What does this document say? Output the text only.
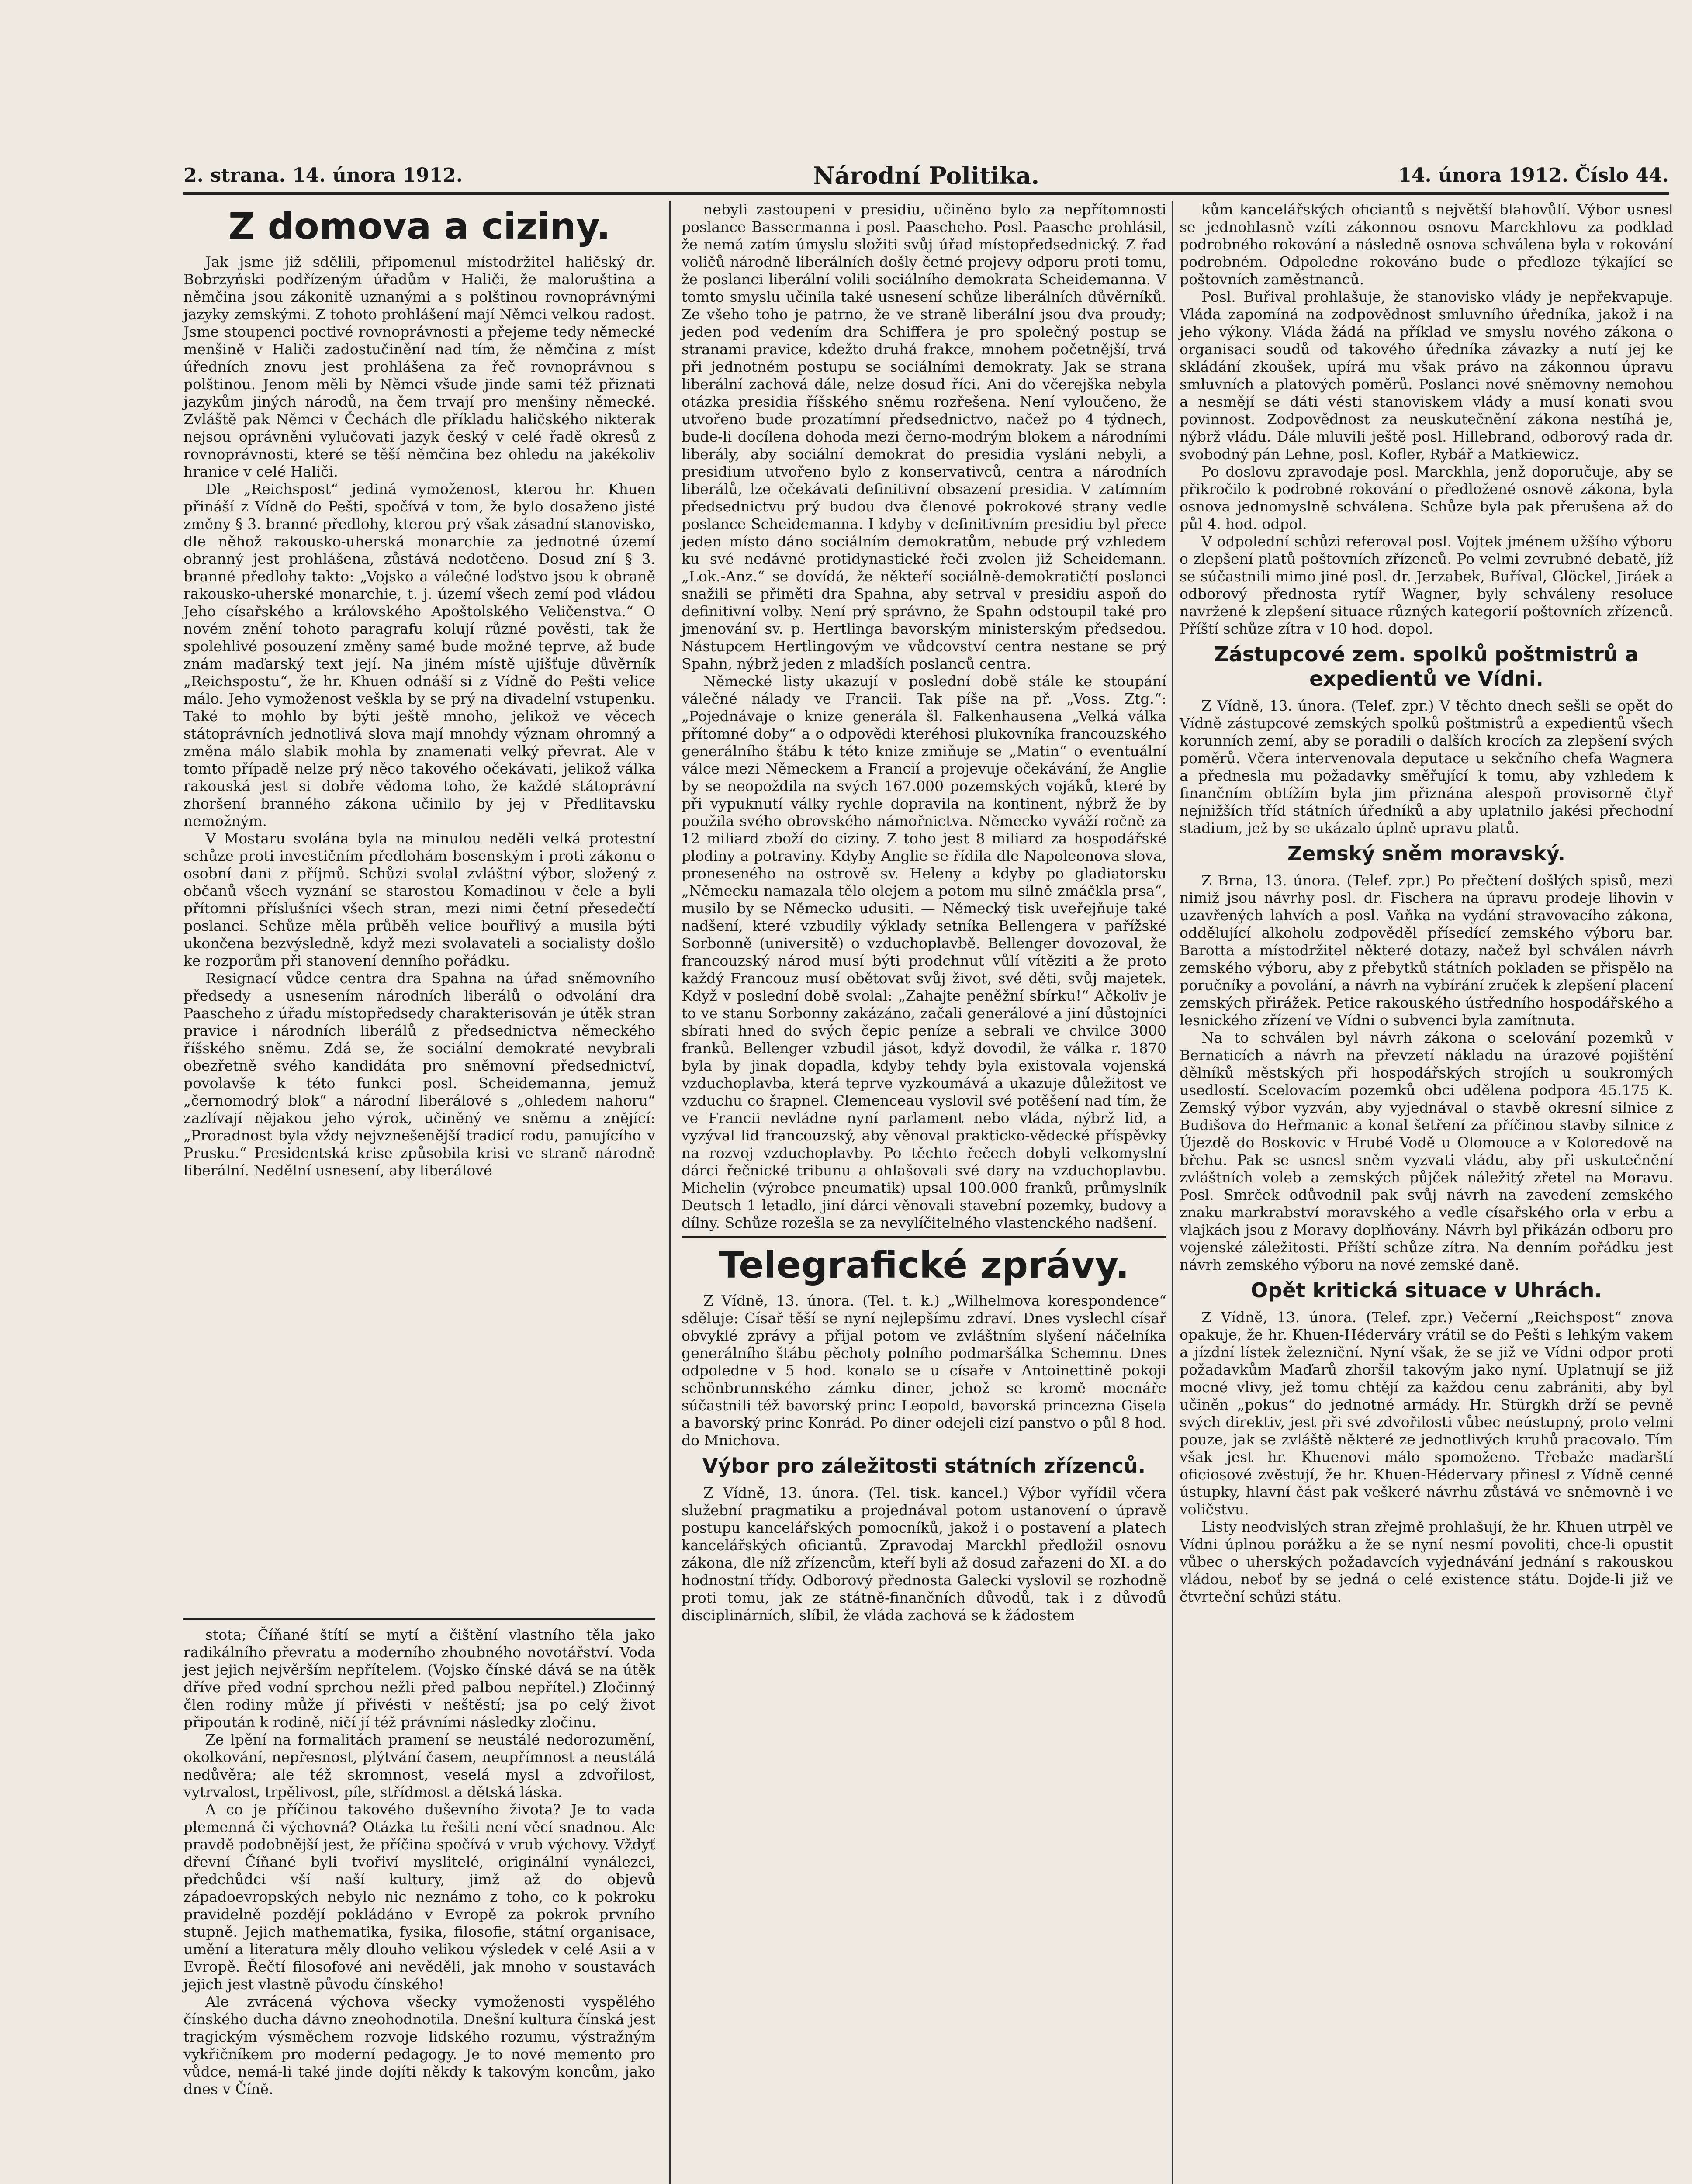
2. strana. 14. února 1912.	Národní Politika.	14. února 1912. Číslo 44.
Z domova a ciziny.

Jak jsme již sdělili, připomenul místodržitel haličský dr. Bobrzyński podřízeným úřadům v Haliči, že maloruština a němčina jsou zákonitě uznanými a s polštinou rovnoprávnými jazyky zemskými. Z tohoto prohlášení mají Němci velkou radost. Jsme stoupenci poctivé rovnoprávnosti a přejeme tedy německé menšině v Haliči zadostučinění nad tím, že němčina z míst úředních znovu jest prohlášena za řeč rovnoprávnou s polštinou. Jenom měli by Němci všude jinde sami též přiznati jazykům jiných národů, na čem trvají pro menšiny německé. Zvláště pak Němci v Čechách dle příkladu haličského nikterak nejsou oprávněni vylučovati jazyk český v celé řadě okresů z rovnoprávnosti, které se těší němčina bez ohledu na jakékoliv hranice v celé Haliči.

Dle „Reichspost“ jediná vymoženost, kterou hr. Khuen přináší z Vídně do Pešti, spočívá v tom, že bylo dosaženo jisté změny § 3. branné předlohy, kterou prý však zásadní stanovisko, dle něhož rakousko-uherská monarchie za jednotné území obranný jest prohlášena, zůstává nedotčeno. Dosud zní § 3. branné předlohy takto: „Vojsko a válečné loďstvo jsou k obraně rakousko-uherské monarchie, t. j. území všech zemí pod vládou Jeho císařského a královského Apoštolského Veličenstva.“ O novém znění tohoto paragrafu kolují různé pověsti, tak že spolehlivé posouzení změny samé bude možné teprve, až bude znám maďarský text její. Na jiném místě ujišťuje důvěrník „Reichspostu“, že hr. Khuen odnáší si z Vídně do Pešti velice málo. Jeho vymoženost veškla by se prý na divadelní vstupenku. Také to mohlo by býti ještě mnoho, jelikož ve věcech státoprávních jednotlivá slova mají mnohdy význam ohromný a změna málo slabik mohla by znamenati velký převrat. Ale v tomto případě nelze prý něco takového očekávati, jelikož válka rakouská jest si dobře vědoma toho, že každé státoprávní zhoršení branného zákona učinilo by jej v Předlitavsku nemožným.

V Mostaru svolána byla na minulou neděli velká protestní schůze proti investičním předlohám bosenským i proti zákonu o osobní dani z příjmů. Schůzi svolal zvláštní výbor, složený z občanů všech vyznání se starostou Komadinou v čele a byli přítomni příslušníci všech stran, mezi nimi četní přesedečtí poslanci. Schůze měla průběh velice bouřlivý a musila býti ukončena bezvýsledně, když mezi svolavateli a socialisty došlo ke rozporům při stanovení denního pořádku.

Resignací vůdce centra dra Spahna na úřad sněmovního předsedy a usnesením národních liberálů o odvolání dra Paascheho z úřadu místopředsedy charakterisován je útěk stran pravice i národních liberálů z předsednictva německého říšského sněmu. Zdá se, že sociální demokraté nevybrali obezřetně svého kandidáta pro sněmovní předsednictví, povolavše k této funkci posl. Scheidemanna, jemuž „černomodrý blok“ a národní liberálové s „ohledem nahoru“ zazlívají nějakou jeho výrok, učiněný ve sněmu a znějící: „Proradnost byla vždy nejvznešenější tradicí rodu, panujícího v Prusku.“ Presidentská krise způsobila krisi ve straně národně liberální. Nedělní usnesení, aby liberálové

stota; Číňané štítí se mytí a čištění vlastního těla jako radikálního převratu a moderního zhoubného novotářství. Voda jest jejich nejvěrším nepřítelem. (Vojsko čínské dává se na útěk dříve před vodní sprchou nežli před palbou nepřítel.) Zločinný člen rodiny může jí přivésti v neštěstí; jsa po celý život připoután k rodině, ničí jí též právními následky zločinu.

Ze lpění na formalitách pramení se neustálé nedorozumění, okolkování, nepřesnost, plýtvání časem, neupřímnost a neustálá nedůvěra; ale též skromnost, veselá mysl a zdvořilost, vytrvalost, trpělivost, píle, střídmost a dětská láska.

A co je příčinou takového duševního života? Je to vada plemenná či výchovná? Otázka tu řešiti není věcí snadnou. Ale pravdě podobnější jest, že příčina spočívá v vrub výchovy. Vždyť dřevní Číňané byli tvořiví myslitelé, originální vynálezci, předchůdci vší naší kultury, jimž až do objevů západoevropských nebylo nic neznámo z toho, co k pokroku pravidelně pozdějí pokládáno v Evropě za pokrok prvního stupně. Jejich mathematika, fysika, filosofie, státní organisace, umění a literatura měly dlouho velikou výsledek v celé Asii a v Evropě. Řečtí filosofové ani nevěděli, jak mnoho v soustavách jejich jest vlastně původu čínského!

Ale zvrácená výchova všecky vymoženosti vyspělého čínského ducha dávno zneohodnotila. Dnešní kultura čínská jest tragickým výsměchem rozvoje lidského rozumu, výstražným vykřičníkem pro moderní pedagogy. Je to nové memento pro vůdce, nemá-li také jinde dojíti někdy k takovým koncům, jako dnes v Číně.

nebyli zastoupeni v presidiu, učiněno bylo za nepřítomnosti poslance Bassermanna i posl. Paascheho. Posl. Paasche prohlásil, že nemá zatím úmyslu složiti svůj úřad místopředsednický. Z řad voličů národně liberálních došly četné projevy odporu proti tomu, že poslanci liberální volili sociálního demokrata Scheidemanna. V tomto smyslu učinila také usnesení schůze liberálních důvěrníků. Ze všeho toho je patrno, že ve straně liberální jsou dva proudy; jeden pod vedením dra Schiffera je pro společný postup se stranami pravice, kdežto druhá frakce, mnohem početnější, trvá při jednotném postupu se sociálními demokraty. Jak se strana liberální zachová dále, nelze dosud říci. Ani do včerejška nebyla otázka presidia říšského sněmu rozřešena. Není vyloučeno, že utvořeno bude prozatímní předsednictvo, načež po 4 týdnech, bude-li docílena dohoda mezi černo-modrým blokem a národními liberály, aby sociální demokrat do presidia vysláni nebyli, a presidium utvořeno bylo z konservativců, centra a národních liberálů, lze očekávati definitivní obsazení presidia. V zatímním předsednictvu prý budou dva členové pokrokové strany vedle poslance Scheidemanna. I kdyby v definitivním presidiu byl přece jeden místo dáno sociálním demokratům, nebude prý vzhledem ku své nedávné protidynastické řeči zvolen již Scheidemann. „Lok.-Anz.“ se dovídá, že někteří sociálně-demokratičtí poslanci snažili se přiměti dra Spahna, aby setrval v presidiu aspoň do definitivní volby. Není prý správno, že Spahn odstoupil také pro jmenování sv. p. Hertlinga bavorským ministerským předsedou. Nástupcem Hertlingovým ve vůdcovství centra nestane se prý Spahn, nýbrž jeden z mladších poslanců centra.

Německé listy ukazují v poslední době stále ke stoupání válečné nálady ve Francii. Tak píše na př. „Voss. Ztg.“: „Pojednávaje o knize generála šl. Falkenhausena „Velká válka přítomné doby“ a o odpovědi kteréhosi plukovníka francouzského generálního štábu k této knize zmiňuje se „Matin“ o eventuální válce mezi Německem a Francií a projevuje očekávání, že Anglie by se neopoždila na svých 167.000 pozemských vojáků, které by při vypuknutí války rychle dopravila na kontinent, nýbrž že by použila svého obrovského námořnictva. Německo vyváží ročně za 12 miliard zboží do ciziny. Z toho jest 8 miliard za hospodářské plodiny a potraviny. Kdyby Anglie se řídila dle Napoleonova slova, proneseného na ostrově sv. Heleny a kdyby po gladiatorsku „Německu namazala tělo olejem a potom mu silně zmáčkla prsa“, musilo by se Německo udusiti. — Německý tisk uveřejňuje také nadšení, které vzbudily výklady setníka Bellengera v pařížské Sorbonně (universitě) o vzduchoplavbě. Bellenger dovozoval, že francouzský národ musí býti prodchnut vůlí vítěziti a že proto každý Francouz musí obětovat svůj život, své děti, svůj majetek. Když v poslední době svolal: „Zahajte peněžní sbírku!“ Ačkoliv je to ve stanu Sorbonny zakázáno, začali generálové a jiní důstojníci sbírati hned do svých čepic peníze a sebrali ve chvilce 3000 franků. Bellenger vzbudil jásot, když dovodil, že válka r. 1870 byla by jinak dopadla, kdyby tehdy byla existovala vojenská vzduchoplavba, která teprve vyzkoumává a ukazuje důležitost ve vzduchu co šrapnel. Clemenceau vyslovil své potěšení nad tím, že ve Francii nevládne nyní parlament nebo vláda, nýbrž lid, a vyzýval lid francouzský, aby věnoval prakticko-vědecké příspěvky na rozvoj vzduchoplavby. Po těchto řečech dobyli velkomyslní dárci řečnické tribunu a ohlašovali své dary na vzduchoplavbu. Michelin (výrobce pneumatik) upsal 100.000 franků, průmyslník Deutsch 1 letadlo, jiní dárci věnovali stavební pozemky, budovy a dílny. Schůze rozešla se za nevylíčitelného vlastenckého nadšení.

Telegrafické zprávy.

Z Vídně, 13. února. (Tel. t. k.) „Wilhelmova korespondence“ sděluje: Císař těší se nyní nejlepšímu zdraví. Dnes vyslechl císař obvyklé zprávy a přijal potom ve zvláštním slyšení náčelníka generálního štábu pěchoty polního podmaršálka Schemnu. Dnes odpoledne v 5 hod. konalo se u císaře v Antoinettině pokoji schönbrunnského zámku diner, jehož se kromě mocnáře súčastnili též bavorský princ Leopold, bavorská princezna Gisela a bavorský princ Konrád. Po diner odejeli cizí panstvo o půl 8 hod. do Mnichova.

Výbor pro záležitosti státních zřízenců.

Z Vídně, 13. února. (Tel. tisk. kancel.) Výbor vyřídil včera služební pragmatiku a projednával potom ustanovení o úpravě postupu kancelářských pomocníků, jakož i o postavení a platech kancelářských oficiantů. Zpravodaj Marckhl předložil osnovu zákona, dle níž zřízencům, kteří byli až dosud zařazeni do XI. a do hodnostní třídy. Odborový přednosta Galecki vyslovil se rozhodně proti tomu, jak ze státně-finančních důvodů, tak i z důvodů disciplinárních, slíbil, že vláda zachová se k žádostem

kům kancelářských oficiantů s největší blahovůlí. Výbor usnesl se jednohlasně vzíti zákonnou osnovu Marckhlovu za podklad podrobného rokování a následně osnova schválena byla v rokování podrobném. Odpoledne rokováno bude o předloze týkající se poštovních zaměstnanců.

Posl. Buřival prohlašuje, že stanovisko vlády je nepřekvapuje. Vláda zapomíná na zodpovědnost smluvního úředníka, jakož i na jeho výkony. Vláda žádá na příklad ve smyslu nového zákona o organisaci soudů od takového úředníka závazky a nutí jej ke skládání zkoušek, upírá mu však právo na zákonnou úpravu smluvních a platových poměrů. Poslanci nové sněmovny nemohou a nesmějí se dáti vésti stanoviskem vlády a musí konati svou povinnost. Zodpovědnost za neuskutečnění zákona nestíhá je, nýbrž vládu. Dále mluvili ještě posl. Hillebrand, odborový rada dr. svobodný pán Lehne, posl. Kofler, Rybář a Matkiewicz.

Po doslovu zpravodaje posl. Marckhla, jenž doporučuje, aby se přikročilo k podrobné rokování o předložené osnově zákona, byla osnova jednomyslně schválena. Schůze byla pak přerušena až do půl 4. hod. odpol.

V odpolední schůzi referoval posl. Vojtek jménem užšího výboru o zlepšení platů poštovních zřízenců. Po velmi zevrubné debatě, jíž se súčastnili mimo jiné posl. dr. Jerzabek, Buříval, Glöckel, Jiráek a odborový přednosta rytíř Wagner, byly schváleny resoluce navržené k zlepšení situace různých kategorií poštovních zřízenců. Příští schůze zítra v 10 hod. dopol.

Zástupcové zem. spolků poštmistrů a expedientů ve Vídni.

Z Vídně, 13. února. (Telef. zpr.) V těchto dnech sešli se opět do Vídně zástupcové zemských spolků poštmistrů a expedientů všech korunních zemí, aby se poradili o dalších krocích za zlepšení svých poměrů. Včera intervenovala deputace u sekčního chefa Wagnera a přednesla mu požadavky směřující k tomu, aby vzhledem k finančním obtížím byla jim přiznána alespoň provisorně čtyř nejnižších tříd státních úředníků a aby uplatnilo jakési přechodní stadium, jež by se ukázalo úplně upravu platů.

Zemský sněm moravský.

Z Brna, 13. února. (Telef. zpr.) Po přečtení došlých spisů, mezi nimiž jsou návrhy posl. dr. Fischera na úpravu prodeje lihovin v uzavřených lahvích a posl. Vaňka na vydání stravovacího zákona, oddělující alkoholu zodpověděl přísedící zemského výboru bar. Barotta a místodržitel některé dotazy, načež byl schválen návrh zemského výboru, aby z přebytků státních pokladen se přispělo na poručníky a povolání, a návrh na vybírání zruček k zlepšení placení zemských přirážek. Petice rakouského ústředního hospodářského a lesnického zřízení ve Vídni o subvenci byla zamítnuta.

Na to schválen byl návrh zákona o scelování pozemků v Bernaticích a návrh na převzetí nákladu na úrazové pojištění dělníků městských při hospodářských strojích u soukromých usedlostí. Scelovacím pozemků obci udělena podpora 45.175 K. Zemský výbor vyzván, aby vyjednával o stavbě okresní silnice z Budišova do Heřmanic a konal šetření za příčinou stavby silnice z Újezdě do Boskovic v Hrubé Vodě u Olomouce a v Koloredově na břehu. Pak se usnesl sněm vyzvati vládu, aby při uskutečnění zvláštních voleb a zemských půjček náležitý zřetel na Moravu. Posl. Smrček odůvodnil pak svůj návrh na zavedení zemského znaku markrabství moravského a vedle císařského orla v erbu a vlajkách jsou z Moravy doplňovány. Návrh byl přikázán odboru pro vojenské záležitosti. Příští schůze zítra. Na denním pořádku jest návrh zemského výboru na nové zemské daně.

Opět kritická situace v Uhrách.

Z Vídně, 13. února. (Telef. zpr.) Večerní „Reichspost“ znova opakuje, že hr. Khuen-Héderváry vrátil se do Pešti s lehkým vakem a jízdní lístek železniční. Nyní však, že se již ve Vídni odpor proti požadavkům Maďarů zhoršil takovým jako nyní. Uplatnují se již mocné vlivy, jež tomu chtějí za každou cenu zabrániti, aby byl učiněn „pokus“ do jednotné armády. Hr. Stürgkh drží se pevně svých direktiv, jest při své zdvořilosti vůbec neústupný, proto velmi pouze, jak se zvláště některé ze jednotlivých kruhů pracovalo. Tím však jest hr. Khuenovi málo spomoženo. Třebaže maďarští oficiosové zvěstují, že hr. Khuen-Hédervary přinesl z Vídně cenné ústupky, hlavní část pak veškeré návrhu zůstává ve sněmovně i ve voličstvu.

Listy neodvislých stran zřejmě prohlašují, že hr. Khuen utrpěl ve Vídni úplnou porážku a že se nyní nesmí povoliti, chce-li opustit vůbec o uherských požadavcích vyjednávání jednání s rakouskou vládou, neboť by se jedná o celé existence státu. Dojde-li již ve čtvrteční schůzi státu.
